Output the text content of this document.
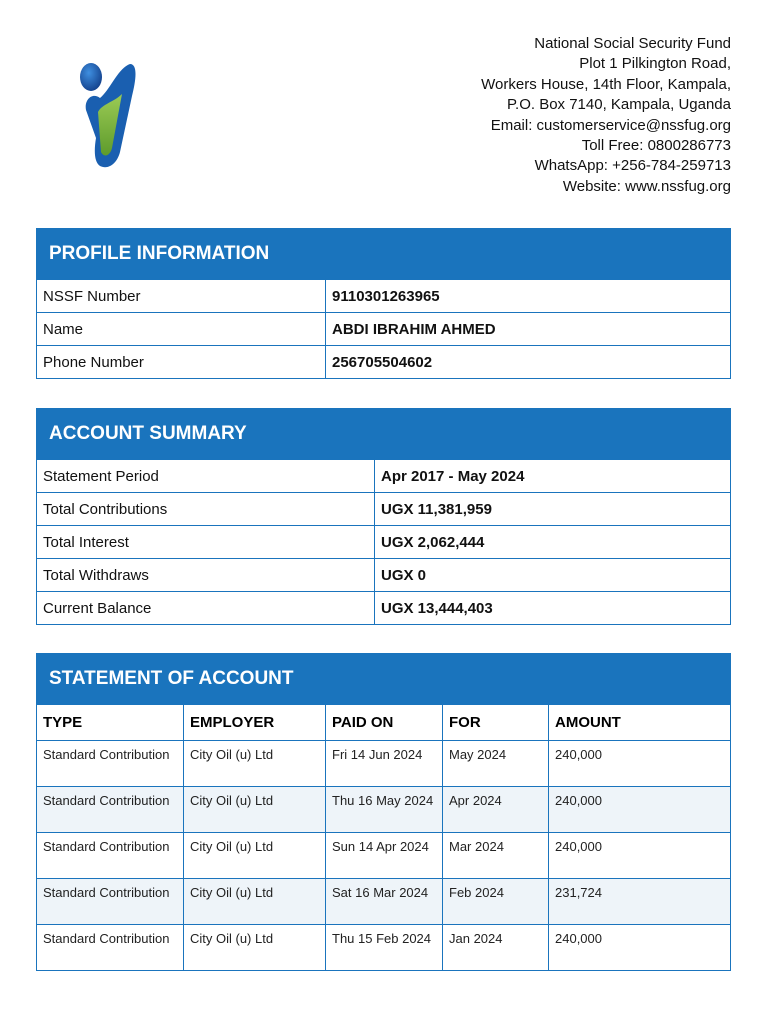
National Social Security Fund
Plot 1 Pilkington Road,
Workers House, 14th Floor, Kampala,
P.O. Box 7140, Kampala, Uganda
Email: customerservice@nssfug.org
Toll Free: 0800286773
WhatsApp: +256-784-259713
Website: www.nssfug.org
PROFILE INFORMATION
NSSF Number	9110301263965
Name	ABDI IBRAHIM AHMED
Phone Number	256705504602
ACCOUNT SUMMARY
Statement Period	Apr 2017 - May 2024
Total Contributions	UGX 11,381,959
Total Interest	UGX 2,062,444
Total Withdraws	UGX 0
Current Balance	UGX 13,444,403
STATEMENT OF ACCOUNT
TYPE	EMPLOYER	PAID ON	FOR	AMOUNT
Standard Contribution	City Oil (u) Ltd	Fri 14 Jun 2024	May 2024	240,000
Standard Contribution	City Oil (u) Ltd	Thu 16 May 2024	Apr 2024	240,000
Standard Contribution	City Oil (u) Ltd	Sun 14 Apr 2024	Mar 2024	240,000
Standard Contribution	City Oil (u) Ltd	Sat 16 Mar 2024	Feb 2024	231,724
Standard Contribution	City Oil (u) Ltd	Thu 15 Feb 2024	Jan 2024	240,000
